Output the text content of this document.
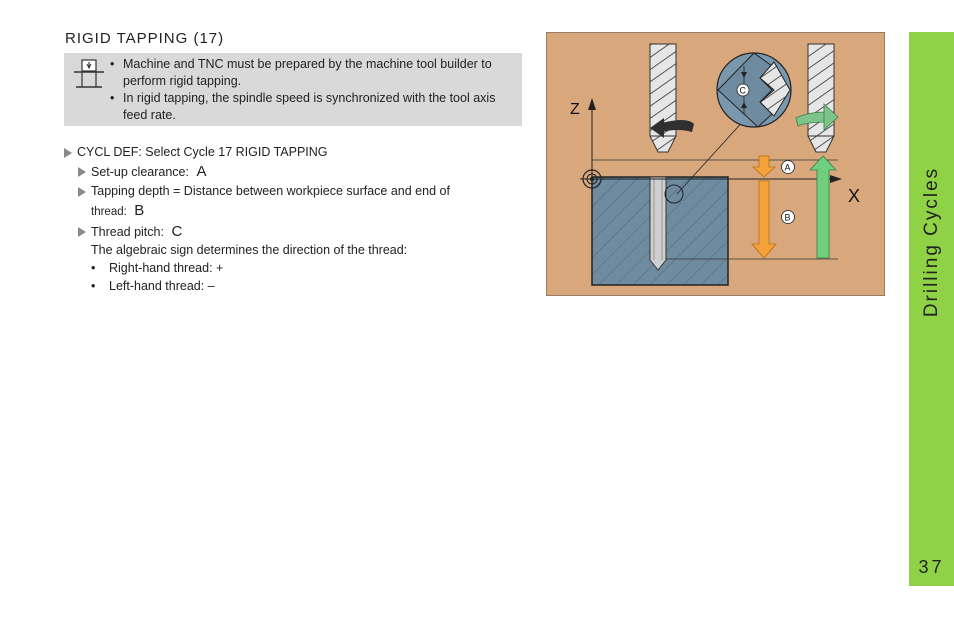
RIGID TAPPING (17)
• Machine and TNC must be prepared by the machine tool builder to perform rigid tapping.
• In rigid tapping, the spindle speed is synchronized with the tool axis feed rate.
CYCL DEF: Select Cycle 17 RIGID TAPPING
Set-up clearance: A
Tapping depth = Distance between workpiece surface and end of
thread: B
Thread pitch: C
The algebraic sign determines the direction of the thread:
• Right-hand thread: +
• Left-hand thread: –
Z
X
C
A
B	Drilling Cycles
37
